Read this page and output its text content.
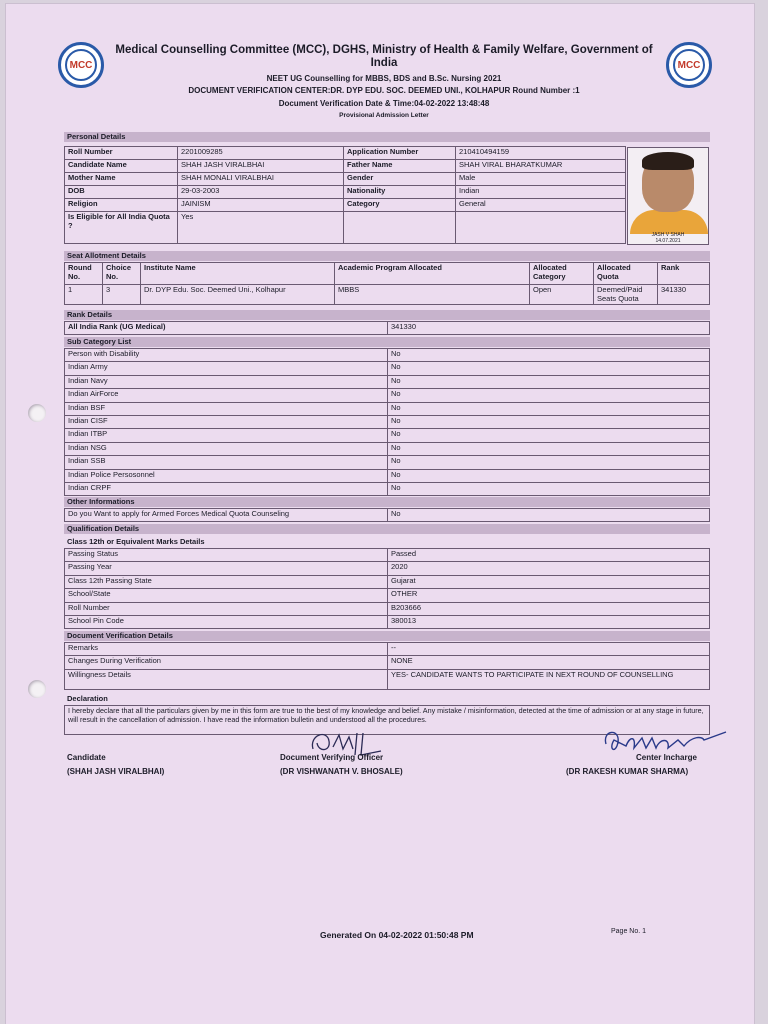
MCC	MCC
Medical Counselling Committee (MCC), DGHS, Ministry of Health & Family Welfare, Government of India
NEET UG Counselling for MBBS, BDS and B.Sc. Nursing 2021
DOCUMENT VERIFICATION CENTER:DR. DYP EDU. SOC. DEEMED UNI., KOLHAPUR Round Number :1
Document Verification Date & Time:04-02-2022 13:48:48
Provisional Admission Letter
Personal Details
Roll Number	2201009285	Application Number	210410494159
Candidate Name	SHAH JASH VIRALBHAI	Father Name	SHAH VIRAL BHARATKUMAR
Mother Name	SHAH MONALI VIRALBHAI	Gender	Male
DOB	29-03-2003	Nationality	Indian
Religion	JAINISM	Category	General
Is Eligible for All India Quota ?	Yes		
JASH V SHAH
14.07.2021
Seat Allotment Details
Round No.	Choice No.	Institute Name	Academic Program Allocated	Allocated Category	Allocated Quota	Rank
1	3	Dr. DYP Edu. Soc. Deemed Uni., Kolhapur	MBBS	Open	Deemed/Paid Seats Quota	341330
Rank Details
All India Rank (UG Medical)	341330
Sub Category List
Person with Disability	No
Indian Army	No
Indian Navy	No
Indian AirForce	No
Indian BSF	No
Indian CISF	No
Indian ITBP	No
Indian NSG	No
Indian SSB	No
Indian Police Persosonnel	No
Indian CRPF	No
Other Informations
Do you Want to apply for Armed Forces Medical Quota Counseling	No
Qualification Details
Class 12th or Equivalent Marks Details
Passing Status	Passed
Passing Year	2020
Class 12th Passing State	Gujarat
School/State	OTHER
Roll Number	B203666
School Pin Code	380013
Document Verification Details
Remarks	--
Changes During Verification	NONE
Willingness Details	YES- CANDIDATE WANTS TO PARTICIPATE IN NEXT ROUND OF COUNSELLING
Declaration
I hereby declare that all the particulars given by me in this form are true to the best of my knowledge and belief. Any mistake / misinformation, detected at the time of admission or at any stage in future, will result in the cancellation of admission. I have read the information bulletin and understood all the procedures.
Candidate
(SHAH JASH VIRALBHAI)
Document Verifying Officer
(DR VISHWANATH V. BHOSALE)
Center Incharge
(DR RAKESH KUMAR SHARMA)
Generated On 04-02-2022 01:50:48 PM	Page No. 1
